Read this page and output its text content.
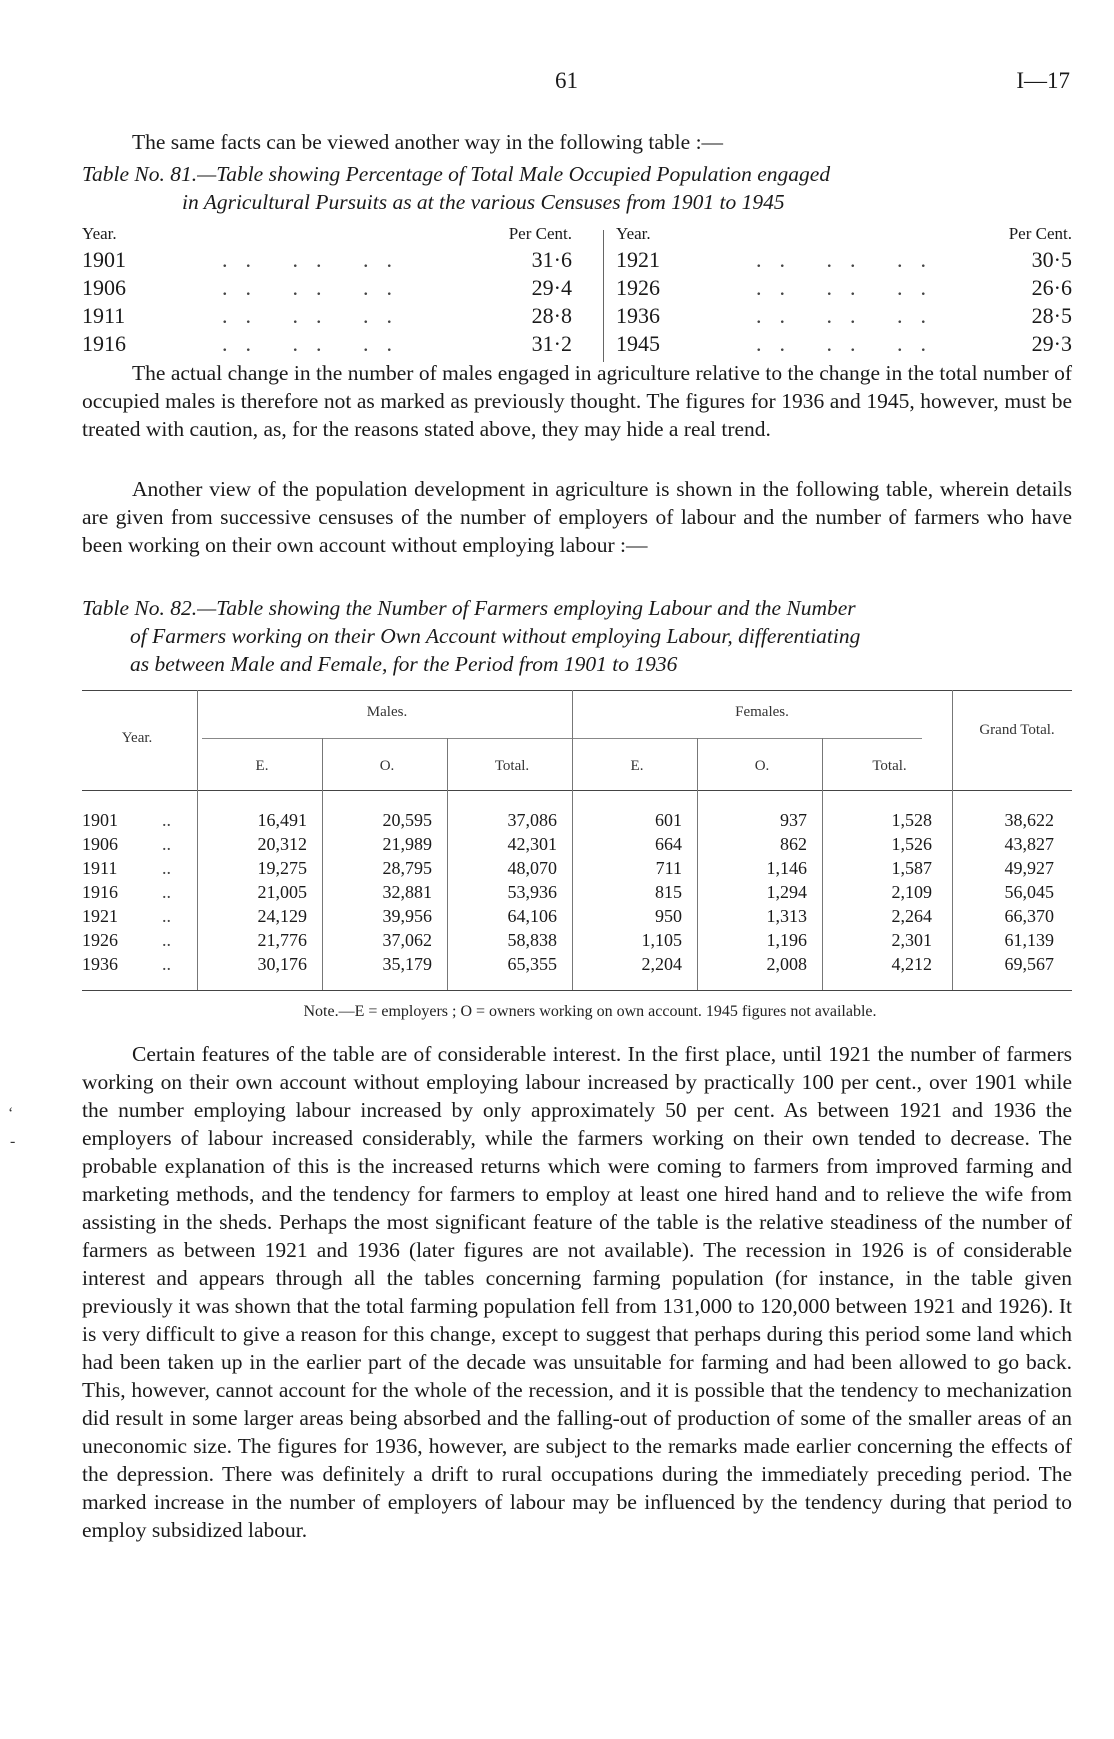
61	I—17
The same facts can be viewed another way in the following table :—
Table No. 81.—Table showing Percentage of Total Male Occupied Population engaged
in Agricultural Pursuits as at the various Censuses from 1901 to 1945
Year.	Per Cent.
1901	.. .. ..	31·6
1906	.. .. ..	29·4
1911	.. .. ..	28·8
1916	.. .. ..	31·2
Year.	Per Cent.
1921	.. .. ..	30·5
1926	.. .. ..	26·6
1936	.. .. ..	28·5
1945	.. .. ..	29·3
The actual change in the number of males engaged in agriculture relative to the change in the total number of occupied males is therefore not as marked as previously thought. The figures for 1936 and 1945, however, must be treated with caution, as, for the reasons stated above, they may hide a real trend.
Another view of the population development in agriculture is shown in the following table, wherein details are given from successive censuses of the number of employers of labour and the number of farmers who have been working on their own account without employing labour :—
Table No. 82.—Table showing the Number of Farmers employing Labour and the Number
of Farmers working on their Own Account without employing Labour, differentiating
as between Male and Female, for the Period from 1901 to 1936
Year.
Males.	Females.
Grand Total.
E.	O.	Total.	E.	O.	Total.
1901 ..	16,491	20,595	37,086	601	937	1,528	38,622
1906 ..	20,312	21,989	42,301	664	862	1,526	43,827
1911 ..	19,275	28,795	48,070	711	1,146	1,587	49,927
1916 ..	21,005	32,881	53,936	815	1,294	2,109	56,045
1921 ..	24,129	39,956	64,106	950	1,313	2,264	66,370
1926 ..	21,776	37,062	58,838	1,105	1,196	2,301	61,139
1936 ..	30,176	35,179	65,355	2,204	2,008	4,212	69,567
Note.—E = employers ; O = owners working on own account. 1945 figures not available.
Certain features of the table are of considerable interest. In the first place, until 1921 the number of farmers working on their own account without employing labour increased by practically 100 per cent., over 1901 while the number employing labour increased by only approximately 50 per cent. As between 1921 and 1936 the employers of labour increased considerably, while the farmers working on their own tended to decrease. The probable explanation of this is the increased returns which were coming to farmers from improved farming and marketing methods, and the tendency for farmers to employ at least one hired hand and to relieve the wife from assisting in the sheds. Perhaps the most significant feature of the table is the relative steadiness of the number of farmers as between 1921 and 1936 (later figures are not available). The recession in 1926 is of considerable interest and appears through all the tables concerning farming population (for instance, in the table given previously it was shown that the total farming population fell from 131,000 to 120,000 between 1921 and 1926). It is very difficult to give a reason for this change, except to suggest that perhaps during this period some land which had been taken up in the earlier part of the decade was unsuitable for farming and had been allowed to go back. This, however, cannot account for the whole of the recession, and it is possible that the tendency to mechanization did result in some larger areas being absorbed and the falling-out of production of some of the smaller areas of an uneconomic size. The figures for 1936, however, are subject to the remarks made earlier concerning the effects of the depression. There was definitely a drift to rural occupations during the immediately preceding period. The marked increase in the number of employers of labour may be influenced by the tendency during that period to employ subsidized labour.
‘
-
